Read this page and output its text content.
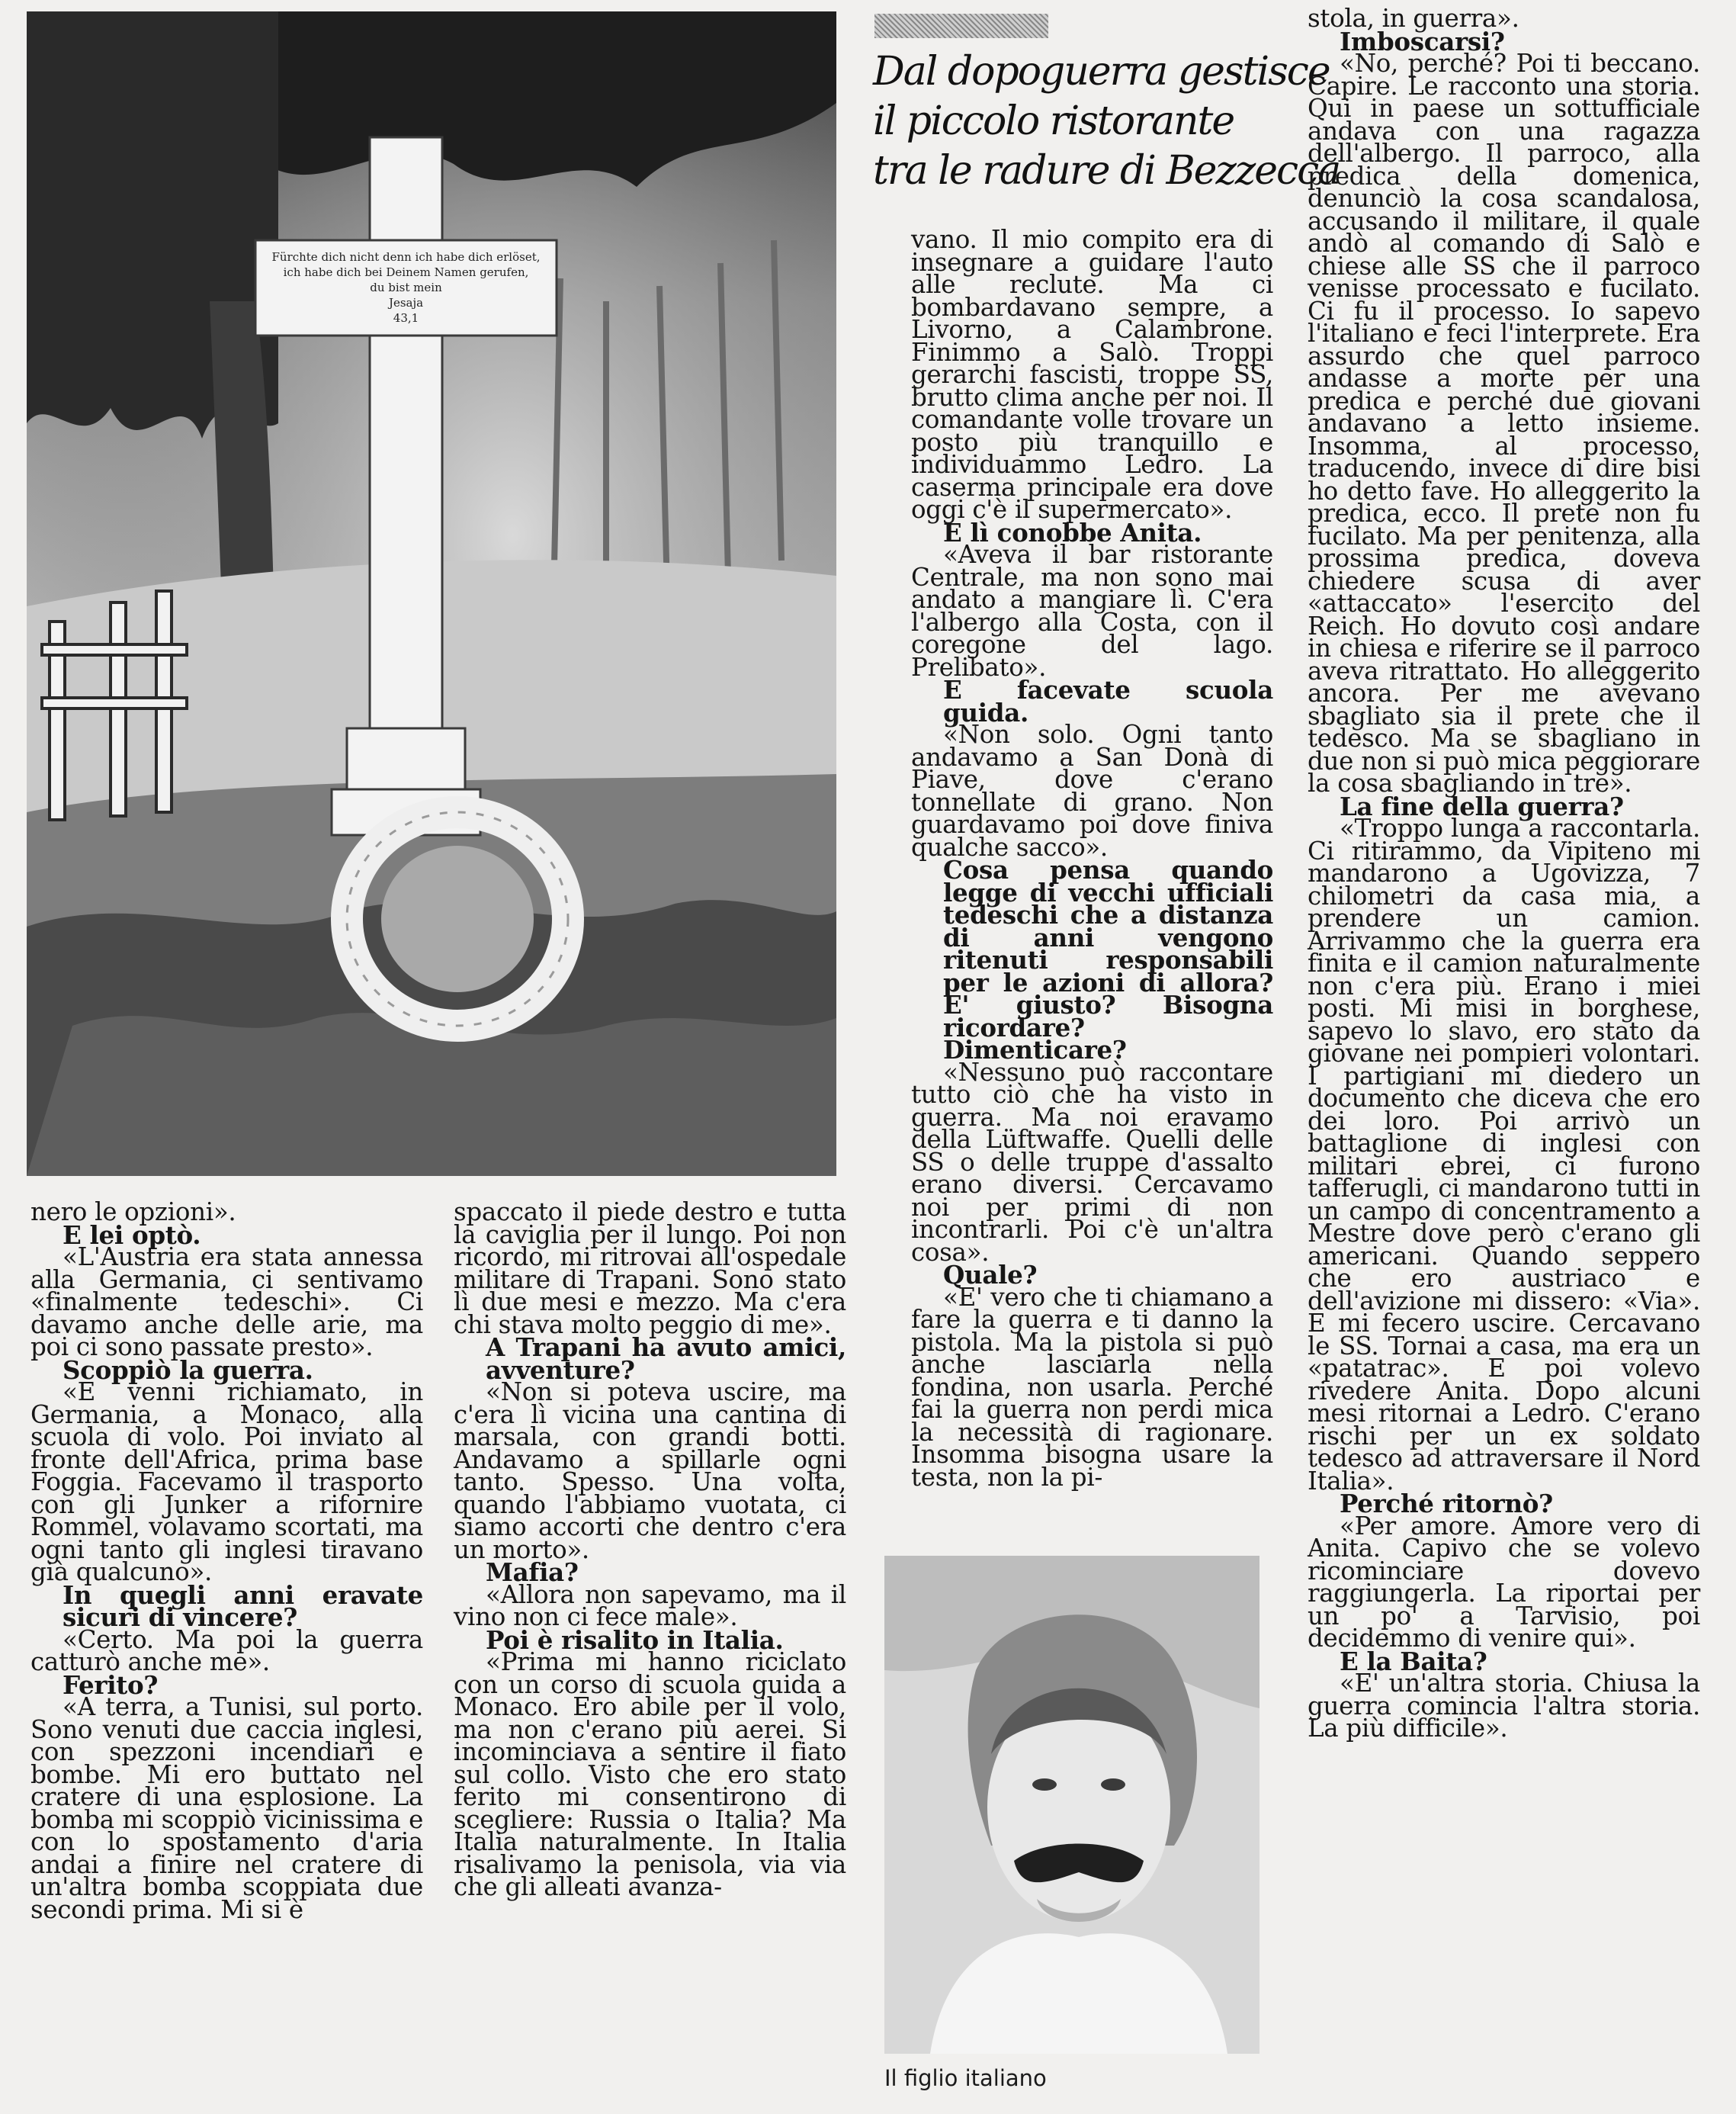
Fürchte dich nicht denn ich habe dich erlöset,
ich habe dich bei Deinem Namen gerufen,
du bist mein
Jesaja
43,1
Dal dopoguerra gestisce
il piccolo ristorante
tra le radure di Bezzecca
Il figlio italiano

nero le opzioni».

E lei optò.

«L'Austria era stata annessa alla Germania, ci sentivamo «finalmente tedeschi». Ci davamo anche delle arie, ma poi ci sono passate presto».

Scoppiò la guerra.

«E venni richiamato, in Germania, a Monaco, alla scuola di volo. Poi inviato al fronte dell'Africa, prima base Foggia. Facevamo il trasporto con gli Junker a rifornire Rommel, volavamo scortati, ma ogni tanto gli inglesi tiravano già qualcuno».

In quegli anni eravate sicuri di vincere?

«Certo. Ma poi la guerra catturò anche me».

Ferito?

«A terra, a Tunisi, sul porto. Sono venuti due caccia inglesi, con spezzoni incendiari e bombe. Mi ero buttato nel cratere di una esplosione. La bomba mi scoppiò vicinissima e con lo spostamento d'aria andai a finire nel cratere di un'altra bomba scoppiata due secondi prima. Mi si è

spaccato il piede destro e tutta la caviglia per il lungo. Poi non ricordo, mi ritrovai all'ospedale militare di Trapani. Sono stato lì due mesi e mezzo. Ma c'era chi stava molto peggio di me».

A Trapani ha avuto amici, avventure?

«Non si poteva uscire, ma c'era lì vicina una cantina di marsala, con grandi botti. Andavamo a spillarle ogni tanto. Spesso. Una volta, quando l'abbiamo vuotata, ci siamo accorti che dentro c'era un morto».

Mafia?

«Allora non sapevamo, ma il vino non ci fece male».

Poi è risalito in Italia.

«Prima mi hanno riciclato con un corso di scuola guida a Monaco. Ero abile per il volo, ma non c'erano più aerei. Si incominciava a sentire il fiato sul collo. Visto che ero stato ferito mi consentirono di scegliere: Russia o Italia? Ma Italia naturalmente. In Italia risalivamo la penisola, via via che gli alleati avanza-

vano. Il mio compito era di insegnare a guidare l'auto alle reclute. Ma ci bombardavano sempre, a Livorno, a Calambrone. Finimmo a Salò. Troppi gerarchi fascisti, troppe SS, brutto clima anche per noi. Il comandante volle trovare un posto più tranquillo e individuammo Ledro. La caserma principale era dove oggi c'è il supermercato».

E lì conobbe Anita.

«Aveva il bar ristorante Centrale, ma non sono mai andato a mangiare lì. C'era l'albergo alla Costa, con il coregone del lago. Prelibato».

E facevate scuola guida.

«Non solo. Ogni tanto andavamo a San Donà di Piave, dove c'erano tonnellate di grano. Non guardavamo poi dove finiva qualche sacco».

Cosa pensa quando legge di vecchi ufficiali tedeschi che a distanza di anni vengono ritenuti responsabili per le azioni di allora? E' giusto? Bisogna ricordare? Dimenticare?

«Nessuno può raccontare tutto ciò che ha visto in guerra. Ma noi eravamo della Lüftwaffe. Quelli delle SS o delle truppe d'assalto erano diversi. Cercavamo noi per primi di non incontrarli. Poi c'è un'altra cosa».

Quale?

«E' vero che ti chiamano a fare la guerra e ti danno la pistola. Ma la pistola si può anche lasciarla nella fondina, non usarla. Perché fai la guerra non perdi mica la necessità di ragionare. Insomma bisogna usare la testa, non la pi-

stola, in guerra».

Imboscarsi?

«No, perché? Poi ti beccano. Capire. Le racconto una storia. Qui in paese un sottufficiale andava con una ragazza dell'albergo. Il parroco, alla predica della domenica, denunciò la cosa scandalosa, accusando il militare, il quale andò al comando di Salò e chiese alle SS che il parroco venisse processato e fucilato. Ci fu il processo. Io sapevo l'italiano e feci l'interprete. Era assurdo che quel parroco andasse a morte per una predica e perché due giovani andavano a letto insieme. Insomma, al processo, traducendo, invece di dire bisi ho detto fave. Ho alleggerito la predica, ecco. Il prete non fu fucilato. Ma per penitenza, alla prossima predica, doveva chiedere scusa di aver «attaccato» l'esercito del Reich. Ho dovuto così andare in chiesa e riferire se il parroco aveva ritrattato. Ho alleggerito ancora. Per me avevano sbagliato sia il prete che il tedesco. Ma se sbagliano in due non si può mica peggiorare la cosa sbagliando in tre».

La fine della guerra?

«Troppo lunga a raccontarla. Ci ritirammo, da Vipiteno mi mandarono a Ugovizza, 7 chilometri da casa mia, a prendere un camion. Arrivammo che la guerra era finita e il camion naturalmente non c'era più. Erano i miei posti. Mi misi in borghese, sapevo lo slavo, ero stato da giovane nei pompieri volontari. I partigiani mi diedero un documento che diceva che ero dei loro. Poi arrivò un battaglione di inglesi con militari ebrei, ci furono tafferugli, ci mandarono tutti in un campo di concentramento a Mestre dove però c'erano gli americani. Quando seppero che ero austriaco e dell'avizione mi dissero: «Via». E mi fecero uscire. Cercavano le SS. Tornai a casa, ma era un «patatrac». E poi volevo rivedere Anita. Dopo alcuni mesi ritornai a Ledro. C'erano rischi per un ex soldato tedesco ad attraversare il Nord Italia».

Perché ritornò?

«Per amore. Amore vero di Anita. Capivo che se volevo ricominciare dovevo raggiungerla. La riportai per un po' a Tarvisio, poi decidemmo di venire qui».

E la Baita?

«E' un'altra storia. Chiusa la guerra comincia l'altra storia. La più difficile».
